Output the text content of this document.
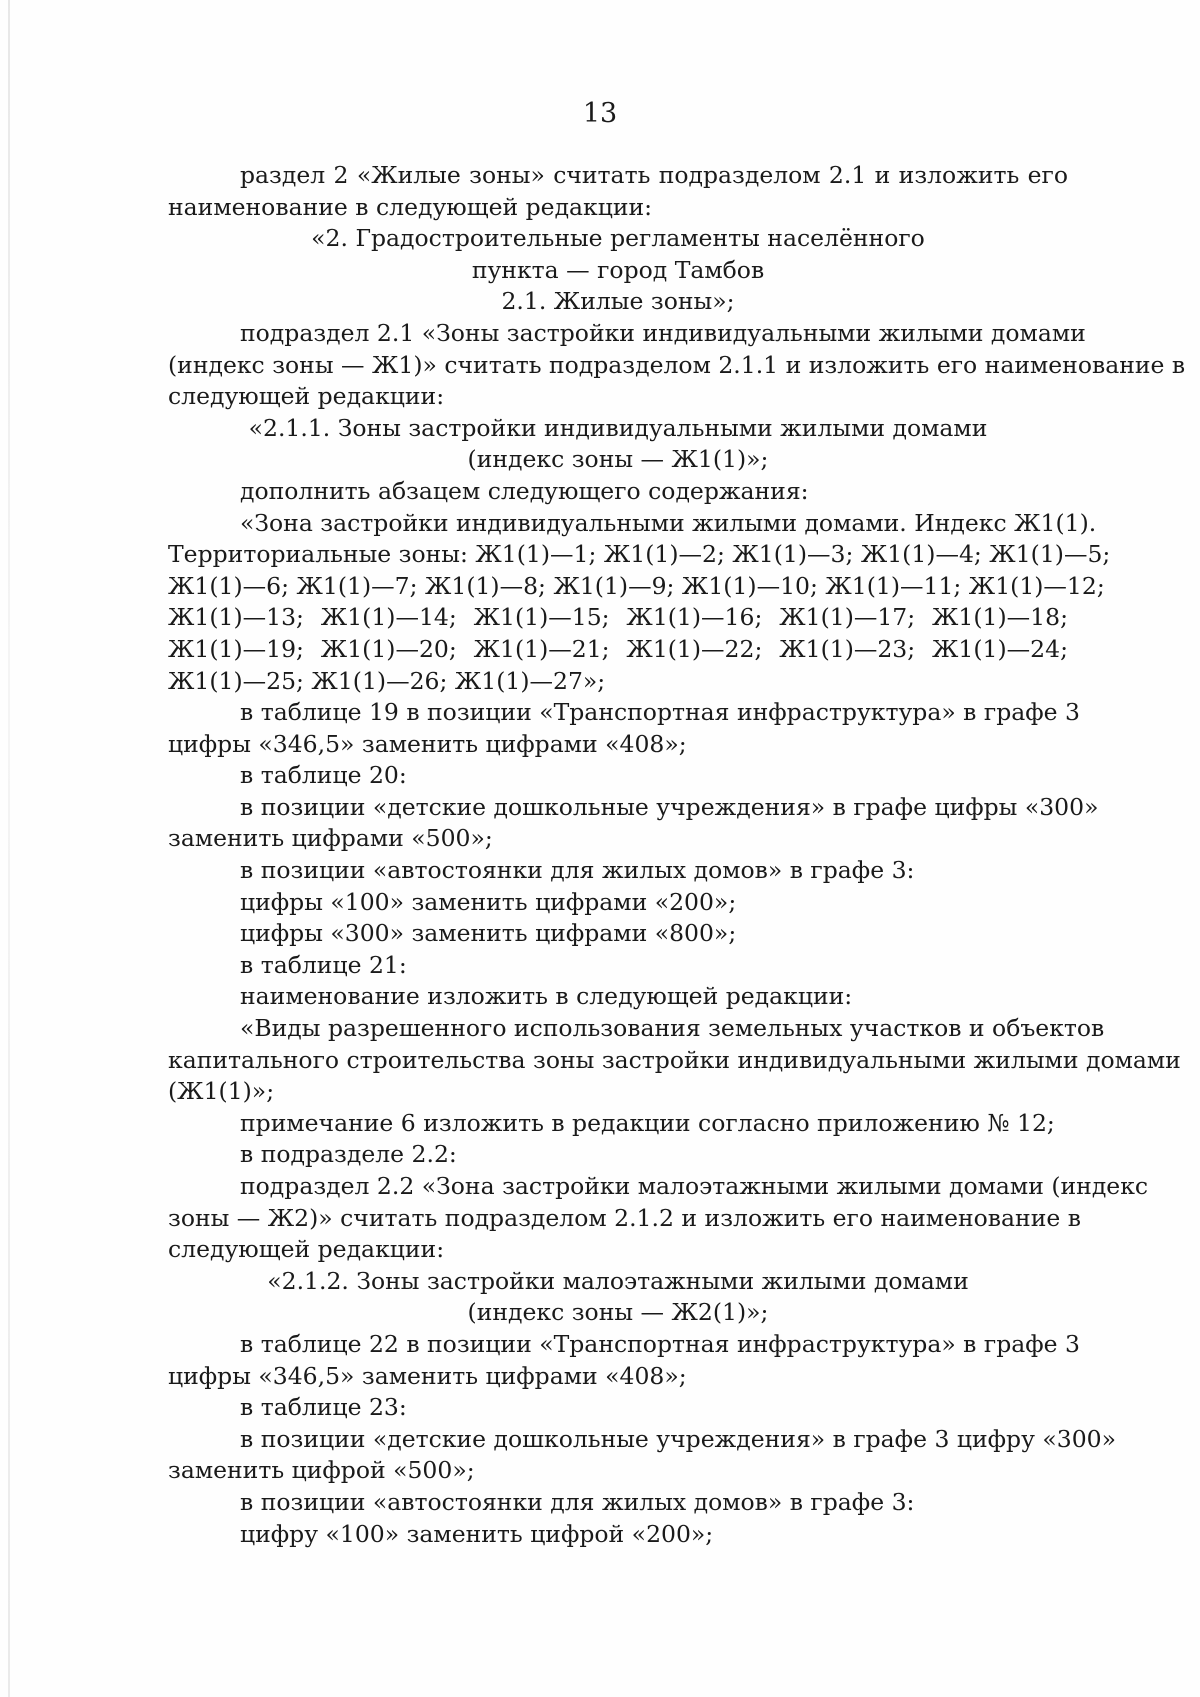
13
раздел 2 «Жилые зоны» считать подразделом 2.1 и изложить его
наименование в следующей редакции:
«2. Градостроительные регламенты населённого
пункта — город Тамбов
2.1. Жилые зоны»;
подраздел 2.1 «Зоны застройки индивидуальными жилыми домами
(индекс зоны — Ж1)» считать подразделом 2.1.1 и изложить его наименование в
следующей редакции:
«2.1.1. Зоны застройки индивидуальными жилыми домами
(индекс зоны — Ж1(1)»;
дополнить абзацем следующего содержания:
«Зона застройки индивидуальными жилыми домами. Индекс Ж1(1).
Территориальные зоны: Ж1(1)—1; Ж1(1)—2; Ж1(1)—3; Ж1(1)—4; Ж1(1)—5;
Ж1(1)—6; Ж1(1)—7; Ж1(1)—8; Ж1(1)—9; Ж1(1)—10; Ж1(1)—11; Ж1(1)—12;
Ж1(1)—13; Ж1(1)—14; Ж1(1)—15; Ж1(1)—16; Ж1(1)—17; Ж1(1)—18;
Ж1(1)—19; Ж1(1)—20; Ж1(1)—21; Ж1(1)—22; Ж1(1)—23; Ж1(1)—24;
Ж1(1)—25; Ж1(1)—26; Ж1(1)—27»;
в таблице 19 в позиции «Транспортная инфраструктура» в графе 3
цифры «346,5» заменить цифрами «408»;
в таблице 20:
в позиции «детские дошкольные учреждения» в графе цифры «300»
заменить цифрами «500»;
в позиции «автостоянки для жилых домов» в графе 3:
цифры «100» заменить цифрами «200»;
цифры «300» заменить цифрами «800»;
в таблице 21:
наименование изложить в следующей редакции:
«Виды разрешенного использования земельных участков и объектов
капитального строительства зоны застройки индивидуальными жилыми домами
(Ж1(1)»;
примечание 6 изложить в редакции согласно приложению № 12;
в подразделе 2.2:
подраздел 2.2 «Зона застройки малоэтажными жилыми домами (индекс
зоны — Ж2)» считать подразделом 2.1.2 и изложить его наименование в
следующей редакции:
«2.1.2. Зоны застройки малоэтажными жилыми домами
(индекс зоны — Ж2(1)»;
в таблице 22 в позиции «Транспортная инфраструктура» в графе 3
цифры «346,5» заменить цифрами «408»;
в таблице 23:
в позиции «детские дошкольные учреждения» в графе 3 цифру «300»
заменить цифрой «500»;
в позиции «автостоянки для жилых домов» в графе 3:
цифру «100» заменить цифрой «200»;
